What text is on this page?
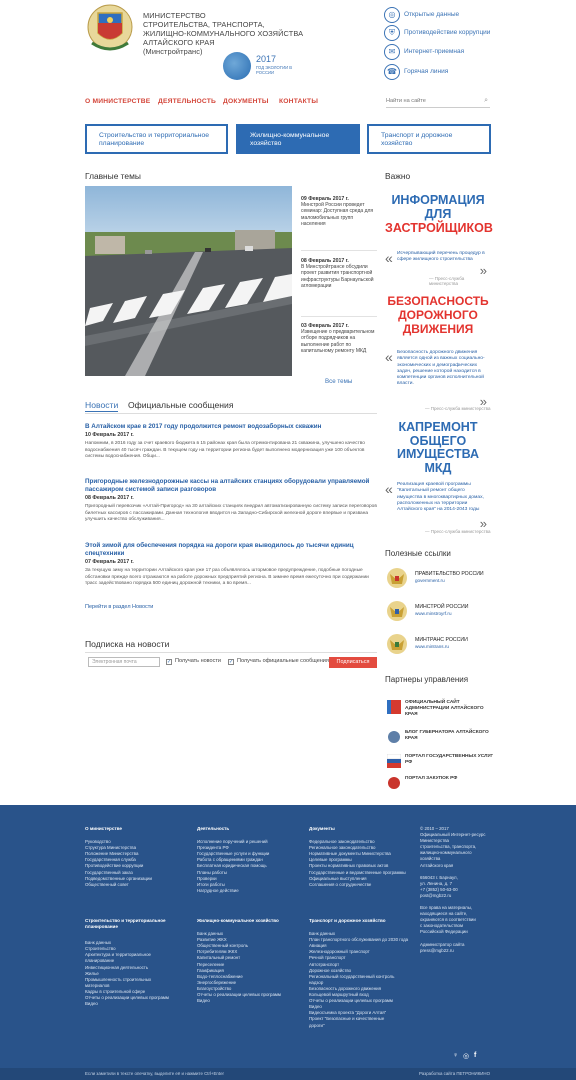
МИНИСТЕРСТВО
СТРОИТЕЛЬСТВА, ТРАНСПОРТА,
ЖИЛИЩНО-КОММУНАЛЬНОГО ХОЗЯЙСТВА
АЛТАЙСКОГО КРАЯ
(Минстройтранс)
2017
ГОД ЭКОЛОГИИ В РОССИИ
◎	Открытые данные
⛨	Противодействие коррупции
✉	Интернет-приемная
☎	Горячая линия
О МИНИСТЕРСТВЕ ДЕЯТЕЛЬНОСТЬ ДОКУМЕНТЫ КОНТАКТЫ	Найти на сайте	⌕
Строительство и территориальное планирование
Жилищно-коммунальное хозяйство
Транспорт и дорожное хозяйство
Главные темы
09 Февраль 2017 г.
Минстрой России проведет семинар: Доступная среда для маломобильных групп населения
08 Февраль 2017 г.
В Минстройтрансе обсудили проект развития транспортной инфраструктуры Барнаульской агломерации
03 Февраль 2017 г.
Извещение о предварительном отборе подрядчиков на выполнение работ по капитальному ремонту МКД
Все темы
Новости Официальные сообщения
В Алтайском крае в 2017 году продолжится ремонт водозаборных скважин
10 Февраль 2017 г.
Напомним, в 2016 году за счет краевого бюджета в 15 районах края была отремонтирована 21 скважина, улучшено качество водоснабжения 40 тысяч граждан. В текущем году на территории региона будет выполнено модернизация уже 100 объектов системы водоснабжения. Общи...
Пригородные железнодорожные кассы на алтайских станциях оборудовали управляемой пассажиром системой записи разговоров
08 Февраль 2017 г.
Пригородный перевозчик «Алтай-Пригород» на 30 алтайских станциях внедрил автоматизированную систему записи переговоров билетных кассиров с пассажирами. Данная технология вводится на Западно-Сибирской железной дороге впервые и призвана улучшить качество обслуживания...
Этой зимой для обеспечения порядка на дороги края выводилось до тысячи единиц спецтехники
07 Февраль 2017 г.
За текущую зиму на территории Алтайского края уже 17 раз объявлялось штормовое предупреждение, подобные погодные обстановки прежде всего отражаются на работе дорожных предприятий региона. В зимнее время ежесуточно при содержании трасс задействовано порядка 500 единиц дорожной техники, а во время...
Перейти в раздел Новости
Подписка на новости
Электронная почта	✓ Получать новости ✓ Получать официальные сообщения	Подписаться
Важно
ИНФОРМАЦИЯ
ДЛЯ
ЗАСТРОЙЩИКОВ
« Исчерпывающий перечень процедур в сфере жилищного строительства
»
— Пресс-служба министерства
БЕЗОПАСНОСТЬ
ДОРОЖНОГО
ДВИЖЕНИЯ
« Безопасность дорожного движения является одной из важных социально-экономических и демографических задач, решение которой находится в компетенции органов исполнительной власти.
»
— Пресс-служба министерства
КАПРЕМОНТ
ОБЩЕГО
ИМУЩЕСТВА
МКД
« Реализация краевой программы "Капитальный ремонт общего имущества в многоквартирных домах, расположенных на территории Алтайского края" на 2014-2043 годы
»
— Пресс-служба министерства
Полезные ссылки
ПРАВИТЕЛЬСТВО РОССИИ
government.ru
МИНСТРОЙ РОССИИ
www.minstroyrf.ru
МИНТРАНС РОССИИ
www.mintrans.ru
Партнеры управления
ОФИЦИАЛЬНЫЙ САЙТ АДМИНИСТРАЦИИ АЛТАЙСКОГО КРАЯ
БЛОГ ГУБЕРНАТОРА АЛТАЙСКОГО КРАЯ
ПОРТАЛ ГОСУДАРСТВЕННЫХ УСЛУГ РФ
ПОРТАЛ ЗАКУПОК РФ
О министерстве
Руководство
Структура Министерства
Положение Министерства
Государственная служба
Противодействие коррупции
Государственный заказ
Подведомственные организации
Общественный совет
Деятельность
Исполнение поручений и решений
Президента РФ
Государственные услуги и функции
Работа с обращениями граждан
Бесплатная юридическая помощь
Планы работы
Проверки
Итоги работы
Нагрудное действие
Документы
Федеральное законодательство
Региональное законодательство
Нормативные документы Министерства
Целевые программы
Проекты нормативных правовых актов
Государственные и ведомственные программы
Официальные выступления
Соглашения о сотрудничестве
© 2010 – 2017
Официальный Интернет-ресурс
Министерства
строительства, транспорта,
жилищно-коммунального
хозяйства
Алтайского края
656043 г. Барнаул,
ул. Ленина, д. 7
+7 (3852) 50-63-00
post@mgb22.ru
Все права на материалы,
находящиеся на сайте,
охраняются в соответствии
с законодательством
Российской Федерации
Администратор сайта
press@mgb22.ru
Строительство и территориальное планирование
Банк данных
Строительство
Архитектура и территориальное
планирование
Инвестиционная деятельность
Жилье
Промышленность строительных
материалов
Кадры в строительной сфере
Отчеты о реализации целевых программ
Видео
Жилищно-коммунальное хозяйство
Банк данных
Развитие ЖКХ
Общественный контроль
Потребителям ЖКХ
Капитальный ремонт
Переселение
Газификация
Водо-теплоснабжение
Энергосбережение
Благоустройство
Отчеты о реализации целевых программ
Видео
Транспорт и дорожное хозяйство
Банк данных
План транспортного обслуживания до 2030 года
Авиация
Железнодорожный транспорт
Речной транспорт
Автотранспорт
Дорожное хозяйство
Региональный государственный контроль
надзор
Безопасность дорожного движения
Кольцевой маршрутный вход
Отчеты о реализации целевых программ
Видео
Видеосъемка проекта "Дороги Алтая"
Проект "Безопасные и качественные
дороги"
♀ ◎ f
Если заметили в тексте опечатку, выделите её и нажмите Ctrl+Enter	Разработка сайта ПЕТРОНИКИНО
